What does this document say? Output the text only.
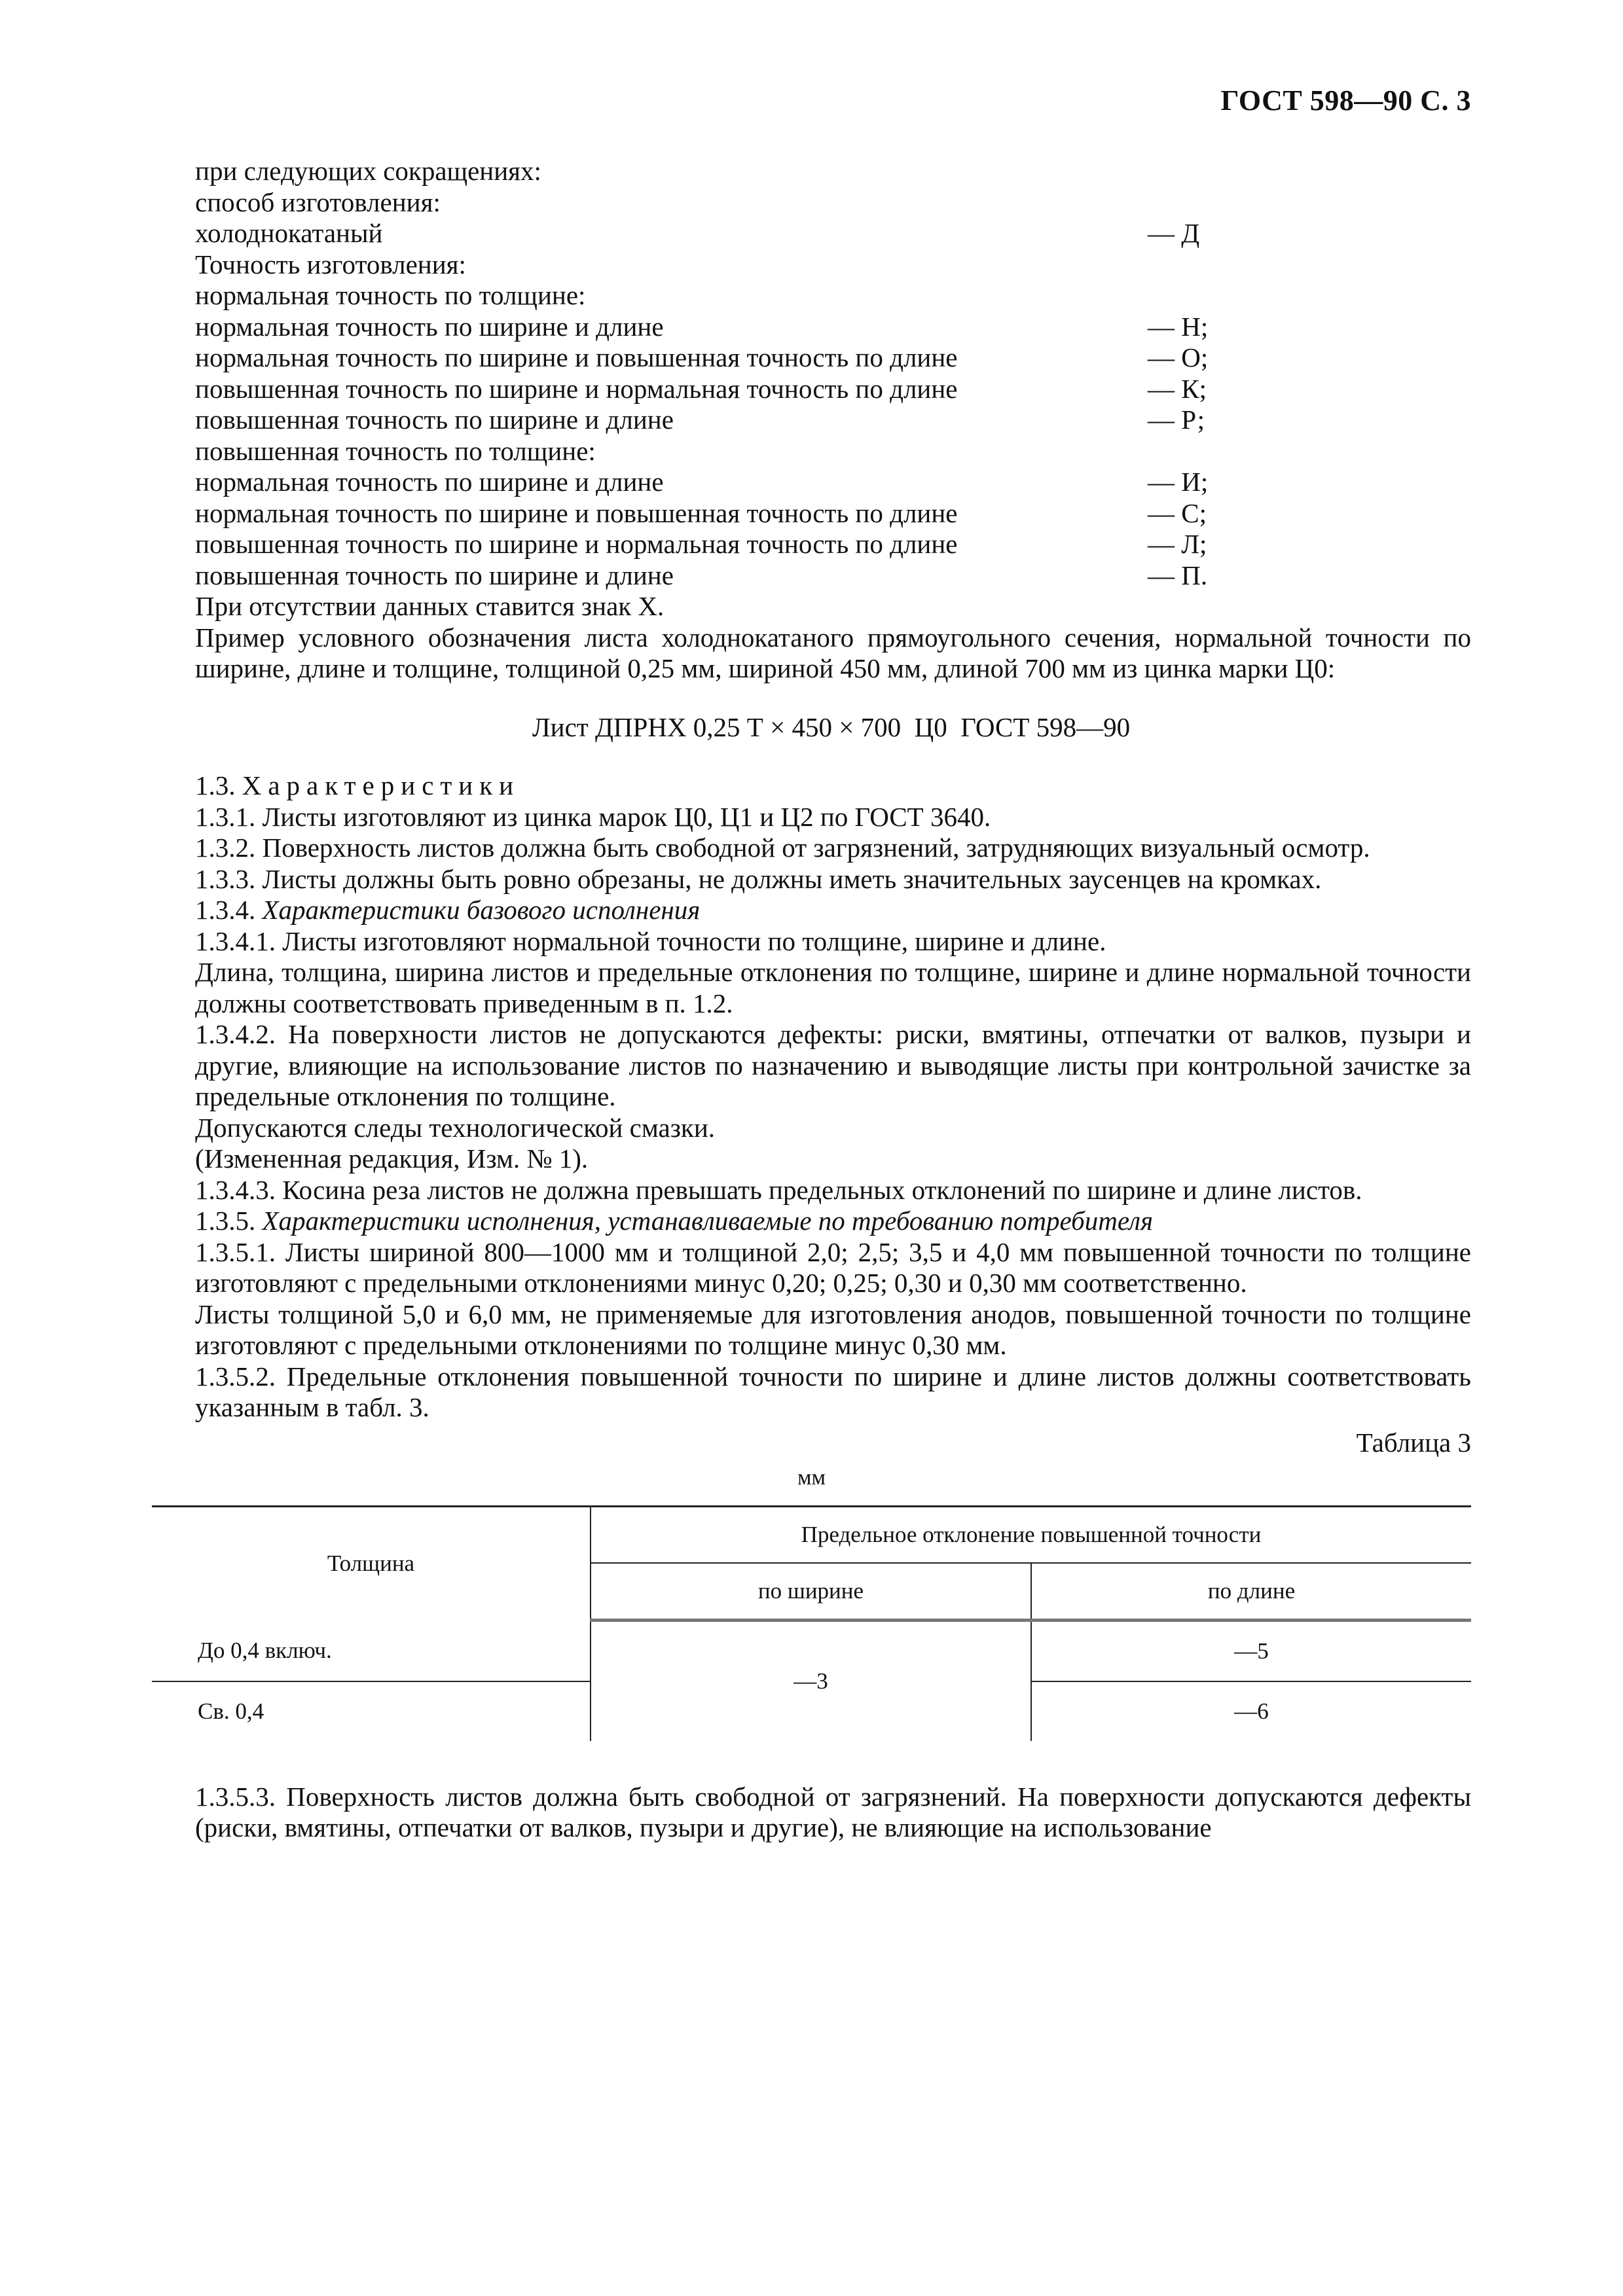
ГОСТ 598—90 С. 3
при следующих сокращениях:
способ изготовления:
холоднокатаный	— Д
Точность изготовления:
нормальная точность по толщине:
нормальная точность по ширине и длине	— Н;
нормальная точность по ширине и повышенная точность по длине	— О;
повышенная точность по ширине и нормальная точность по длине	— К;
повышенная точность по ширине и длине	— Р;
повышенная точность по толщине:
нормальная точность по ширине и длине	— И;
нормальная точность по ширине и повышенная точность по длине	— С;
повышенная точность по ширине и нормальная точность по длине	— Л;
повышенная точность по ширине и длине	— П.
При отсутствии данных ставится знак X.
Пример условного обозначения листа холоднокатаного прямоугольного сечения, нормальной точности по ширине, длине и толщине, толщиной 0,25 мм, шириной 450 мм, длиной 700 мм из цинка марки Ц0:
Лист ДПРНХ 0,25 Т × 450 × 700  Ц0  ГОСТ 598—90
1.3. Характеристики
1.3.1. Листы изготовляют из цинка марок Ц0, Ц1 и Ц2 по ГОСТ 3640.
1.3.2. Поверхность листов должна быть свободной от загрязнений, затрудняющих визуальный осмотр.
1.3.3. Листы должны быть ровно обрезаны, не должны иметь значительных заусенцев на кромках.
1.3.4. Характеристики базового исполнения
1.3.4.1. Листы изготовляют нормальной точности по толщине, ширине и длине.
Длина, толщина, ширина листов и предельные отклонения по толщине, ширине и длине нормальной точности должны соответствовать приведенным в п. 1.2.
1.3.4.2. На поверхности листов не допускаются дефекты: риски, вмятины, отпечатки от валков, пузыри и другие, влияющие на использование листов по назначению и выводящие листы при контрольной зачистке за предельные отклонения по толщине.
Допускаются следы технологической смазки.
(Измененная редакция, Изм. № 1).
1.3.4.3. Косина реза листов не должна превышать предельных отклонений по ширине и длине листов.
1.3.5. Характеристики исполнения, устанавливаемые по требованию потребителя
1.3.5.1. Листы шириной 800—1000 мм и толщиной 2,0; 2,5; 3,5 и 4,0 мм повышенной точности по толщине изготовляют с предельными отклонениями минус 0,20; 0,25; 0,30 и 0,30 мм соответственно.
Листы толщиной 5,0 и 6,0 мм, не применяемые для изготовления анодов, повышенной точности по толщине изготовляют с предельными отклонениями по толщине минус 0,30 мм.
1.3.5.2. Предельные отклонения повышенной точности по ширине и длине листов должны соответствовать указанным в табл. 3.
Таблица 3
мм
Толщина	Предельное отклонение повышенной точности	
	по ширине	по длине
До 0,4 включ.	—3	—5
Св. 0,4		—6
1.3.5.3. Поверхность листов должна быть свободной от загрязнений. На поверхности допускаются дефекты (риски, вмятины, отпечатки от валков, пузыри и другие), не влияющие на использование
